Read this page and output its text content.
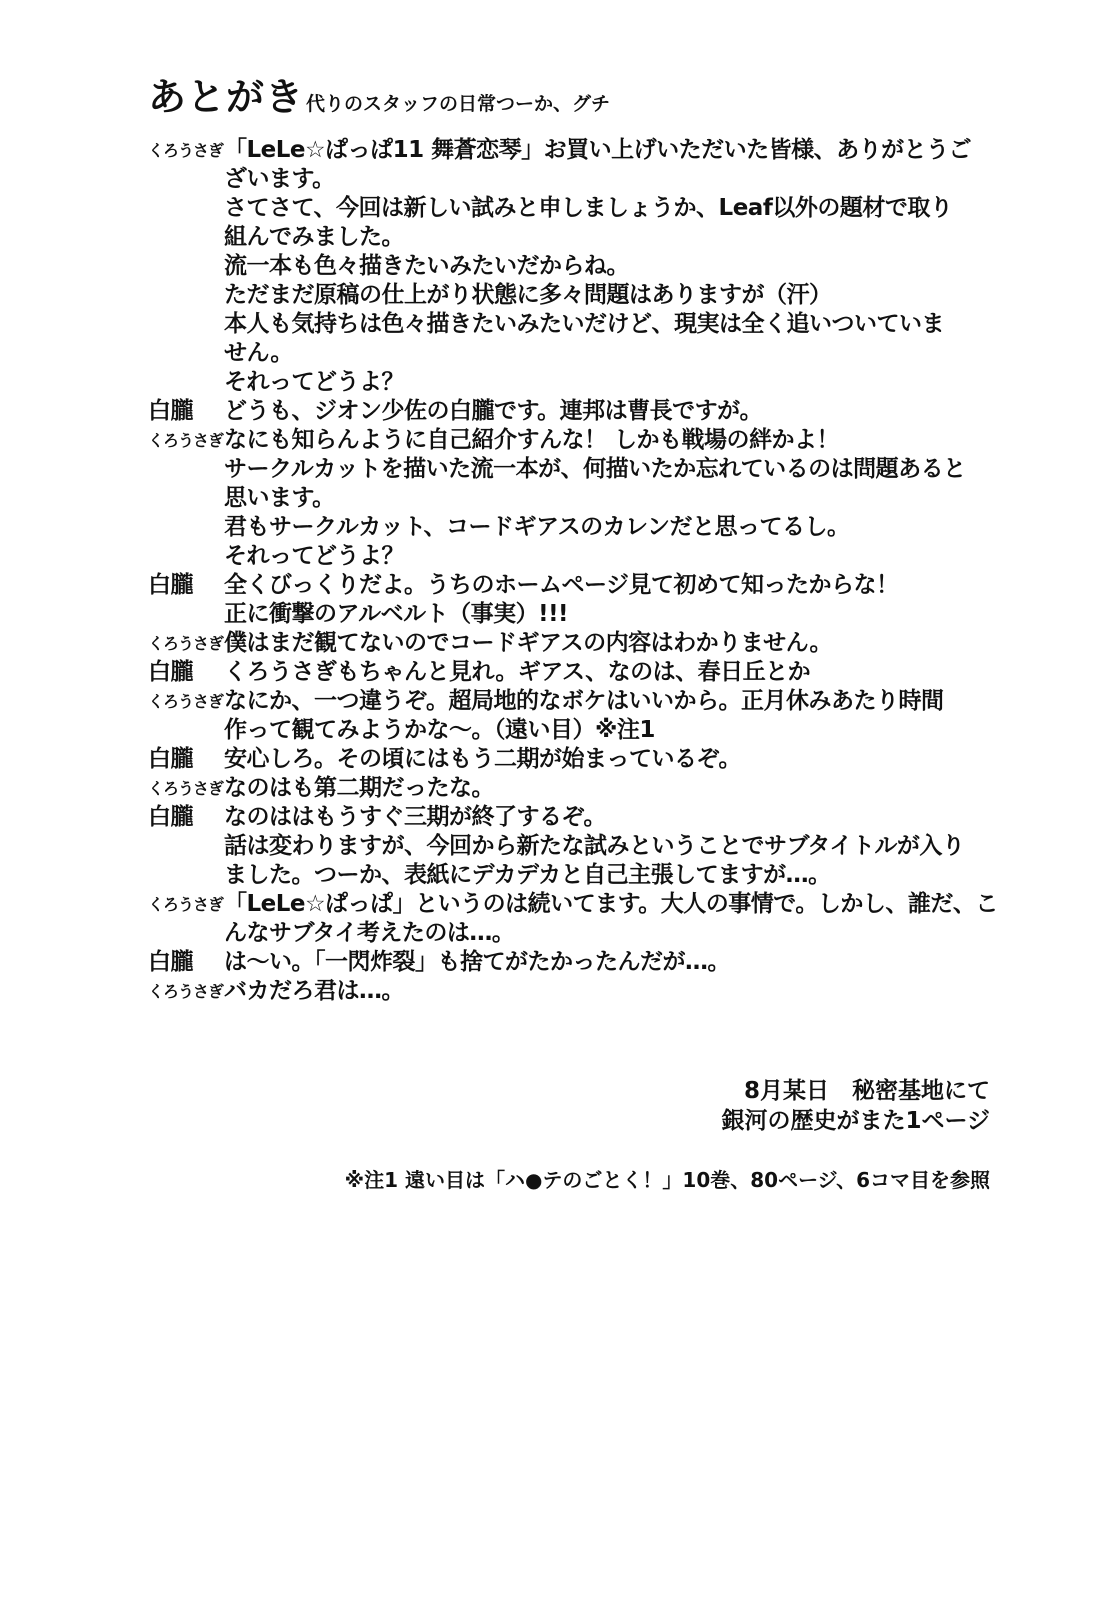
あとがき 代りのスタッフの日常つーか、グチ
くろうさぎ 「LeLe☆ぱっぱ11 舞蒼恋琴」お買い上げいただいた皆様、ありがとうご
ざいます。
さてさて、今回は新しい試みと申しましょうか、Leaf以外の題材で取り
組んでみました。
流一本も色々描きたいみたいだからね。
ただまだ原稿の仕上がり状態に多々問題はありますが（汗）
本人も気持ちは色々描きたいみたいだけど、現実は全く追いついていま
せん。
それってどうよ？
白朧 どうも、ジオン少佐の白朧です。連邦は曹長ですが。
くろうさぎ なにも知らんように自己紹介すんな！ しかも戦場の絆かよ！
サークルカットを描いた流一本が、何描いたか忘れているのは問題あると
思います。
君もサークルカット、コードギアスのカレンだと思ってるし。
それってどうよ？
白朧 全くびっくりだよ。うちのホームページ見て初めて知ったからな！
正に衝撃のアルベルト（事実）!!!
くろうさぎ 僕はまだ観てないのでコードギアスの内容はわかりません。
白朧 くろうさぎもちゃんと見れ。ギアス、なのは、春日丘とか
くろうさぎ なにか、一つ違うぞ。超局地的なボケはいいから。正月休みあたり時間
作って観てみようかな～。（遠い目）※注1
白朧 安心しろ。その頃にはもう二期が始まっているぞ。
くろうさぎ なのはも第二期だったな。
白朧 なのははもうすぐ三期が終了するぞ。
話は変わりますが、今回から新たな試みということでサブタイトルが入り
ました。つーか、表紙にデカデカと自己主張してますが…。
くろうさぎ 「LeLe☆ぱっぱ」というのは続いてます。大人の事情で。しかし、誰だ、こ
んなサブタイ考えたのは…。
白朧 は～い。「一閃炸裂」も捨てがたかったんだが…。
くろうさぎ バカだろ君は…。
8月某日　秘密基地にて
銀河の歴史がまた1ページ
※注1 遠い目は「ハ●テのごとく！」10巻、80ページ、6コマ目を参照
